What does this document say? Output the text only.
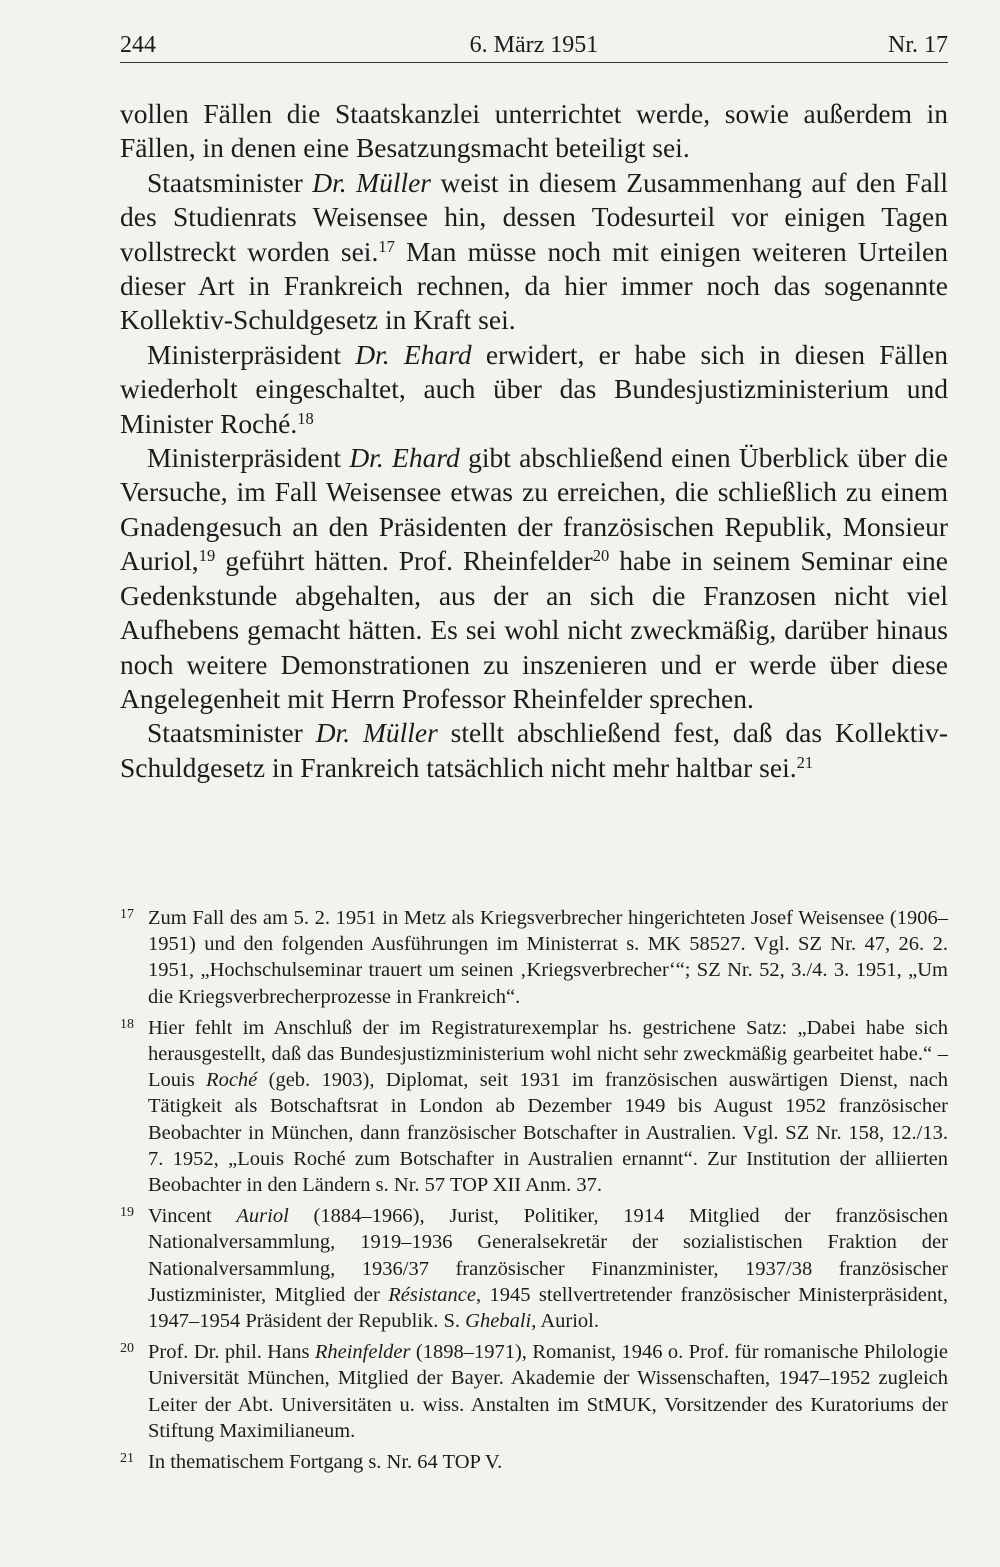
244	6. März 1951	Nr. 17

vollen Fällen die Staatskanzlei unterrichtet werde, sowie außerdem in Fällen, in denen eine Besatzungsmacht beteiligt sei.

Staatsminister Dr. Müller weist in diesem Zusammenhang auf den Fall des Studienrats Weisensee hin, dessen Todesurteil vor einigen Tagen vollstreckt worden sei.$^{17}$ Man müsse noch mit einigen weiteren Urteilen dieser Art in Frankreich rechnen, da hier immer noch das sogenannte Kollektiv-Schuldgesetz in Kraft sei.

Ministerpräsident Dr. Ehard erwidert, er habe sich in diesen Fällen wiederholt eingeschaltet, auch über das Bundesjustizministerium und Minister Roché.$^{18}$

Ministerpräsident Dr. Ehard gibt abschließend einen Überblick über die Versuche, im Fall Weisensee etwas zu erreichen, die schließlich zu einem Gnadengesuch an den Präsidenten der französischen Republik, Monsieur Auriol,$^{19}$ geführt hätten. Prof. Rheinfelder$^{20}$ habe in seinem Seminar eine Gedenkstunde abgehalten, aus der an sich die Franzosen nicht viel Aufhebens gemacht hätten. Es sei wohl nicht zweckmäßig, darüber hinaus noch weitere Demonstrationen zu inszenieren und er werde über diese Angelegenheit mit Herrn Professor Rheinfelder sprechen.

Staatsminister Dr. Müller stellt abschließend fest, daß das Kollektiv-Schuldgesetz in Frankreich tatsächlich nicht mehr haltbar sei.$^{21}$

17 Zum Fall des am 5. 2. 1951 in Metz als Kriegsverbrecher hingerichteten Josef Weisensee (1906–1951) und den folgenden Ausführungen im Ministerrat s. MK 58527. Vgl. SZ Nr. 47, 26. 2. 1951, „Hochschulseminar trauert um seinen ‚Kriegsverbrecher‘“; SZ Nr. 52, 3./4. 3. 1951, „Um die Kriegsverbrecherprozesse in Frankreich“.
18 Hier fehlt im Anschluß der im Registraturexemplar hs. gestrichene Satz: „Dabei habe sich herausgestellt, daß das Bundesjustizministerium wohl nicht sehr zweckmäßig gearbeitet habe.“ – Louis Roché (geb. 1903), Diplomat, seit 1931 im französischen auswärtigen Dienst, nach Tätigkeit als Botschaftsrat in London ab Dezember 1949 bis August 1952 französischer Beobachter in München, dann französischer Botschafter in Australien. Vgl. SZ Nr. 158, 12./13. 7. 1952, „Louis Roché zum Botschafter in Australien ernannt“. Zur Institution der alliierten Beobachter in den Ländern s. Nr. 57 TOP XII Anm. 37.
19 Vincent Auriol (1884–1966), Jurist, Politiker, 1914 Mitglied der französischen Nationalversammlung, 1919–1936 Generalsekretär der sozialistischen Fraktion der Nationalversammlung, 1936/37 französischer Finanzminister, 1937/38 französischer Justizminister, Mitglied der Résistance, 1945 stellvertretender französischer Ministerpräsident, 1947–1954 Präsident der Republik. S. Ghebali, Auriol.
20 Prof. Dr. phil. Hans Rheinfelder (1898–1971), Romanist, 1946 o. Prof. für romanische Philologie Universität München, Mitglied der Bayer. Akademie der Wissenschaften, 1947–1952 zugleich Leiter der Abt. Universitäten u. wiss. Anstalten im StMUK, Vorsitzender des Kuratoriums der Stiftung Maximilianeum.
21 In thematischem Fortgang s. Nr. 64 TOP V.
